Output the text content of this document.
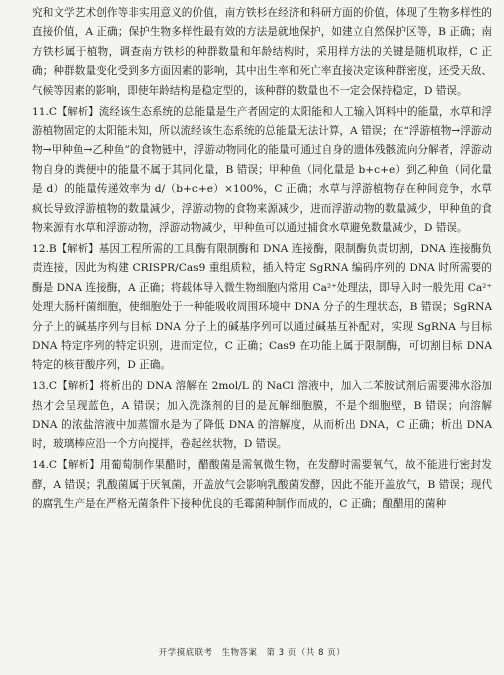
究和文学艺术创作等非实用意义的价值，南方铁杉在经济和科研方面的价值，体现了生物多样性的直接价值，A 正确；保护生物多样性最有效的方法是就地保护，如建立自然保护区等，B 正确；南方铁杉属于植物，调查南方铁杉的种群数量和年龄结构时，采用样方法的关键是随机取样，C 正确；种群数量变化受到多方面因素的影响，其中出生率和死亡率直接决定该种群密度，还受天敌、气候等因素的影响，即使年龄结构是稳定型的，该种群的数量也不一定会保持稳定，D 错误。

11.C【解析】流经该生态系统的总能量是生产者固定的太阳能和人工输入饵料中的能量，水草和浮游植物固定的太阳能未知，所以流经该生态系统的总能量无法计算，A 错误；在“浮游植物→浮游动物→甲种鱼→乙种鱼”的食物链中，浮游动物同化的能量可通过自身的遗体残骸流向分解者，浮游动物自身的粪便中的能量不属于其同化量，B 错误；甲种鱼（同化量是 b+c+e）到乙种鱼（同化量是 d）的能量传递效率为 d/（b+c+e）×100%，C 正确；水草与浮游植物存在种间竞争，水草疯长导致浮游植物的数量减少，浮游动物的食物来源减少，进而浮游动物的数量减少，甲种鱼的食物来源有水草和浮游动物，浮游动物减少，甲种鱼可以通过捕食水草避免数量减少，D 错误。

12.B【解析】基因工程所需的工具酶有限制酶和 DNA 连接酶，限制酶负责切割，DNA 连接酶负责连接，因此为构建 CRISPR/Cas9 重组质粒，插入特定 SgRNA 编码序列的 DNA 时所需要的酶是 DNA 连接酶，A 正确；将载体导入微生物细胞内常用 Ca²⁺处理法，即导入时一般先用 Ca²⁺处理大肠杆菌细胞，使细胞处于一种能吸收周围环境中 DNA 分子的生理状态，B 错误；SgRNA 分子上的碱基序列与目标 DNA 分子上的碱基序列可以通过碱基互补配对，实现 SgRNA 与目标 DNA 特定序列的特定识别，进而定位，C 正确；Cas9 在功能上属于限制酶，可切割目标 DNA 特定的核苷酸序列，D 正确。

13.C【解析】将析出的 DNA 溶解在 2mol/L 的 NaCl 溶液中，加入二苯胺试剂后需要沸水浴加热才会呈现蓝色，A 错误；加入洗涤剂的目的是瓦解细胞膜，不是个细胞壁，B 错误；向溶解 DNA 的浓盐溶液中加蒸馏水是为了降低 DNA 的溶解度，从而析出 DNA，C 正确；析出 DNA 时，玻璃棒应沿一个方向搅拌，卷起丝状物，D 错误。

14.C【解析】用葡萄制作果醋时，醋酸菌是需氧微生物，在发酵时需要氧气，故不能进行密封发酵，A 错误；乳酸菌属于厌氧菌，开盖放气会影响乳酸菌发酵，因此不能开盖放气，B 错误；现代的腐乳生产是在严格无菌条件下接种优良的毛霉菌种制作而成的，C 正确；酿醋用的菌种

开学摸底联考　生物答案　第 3 页（共 8 页）
